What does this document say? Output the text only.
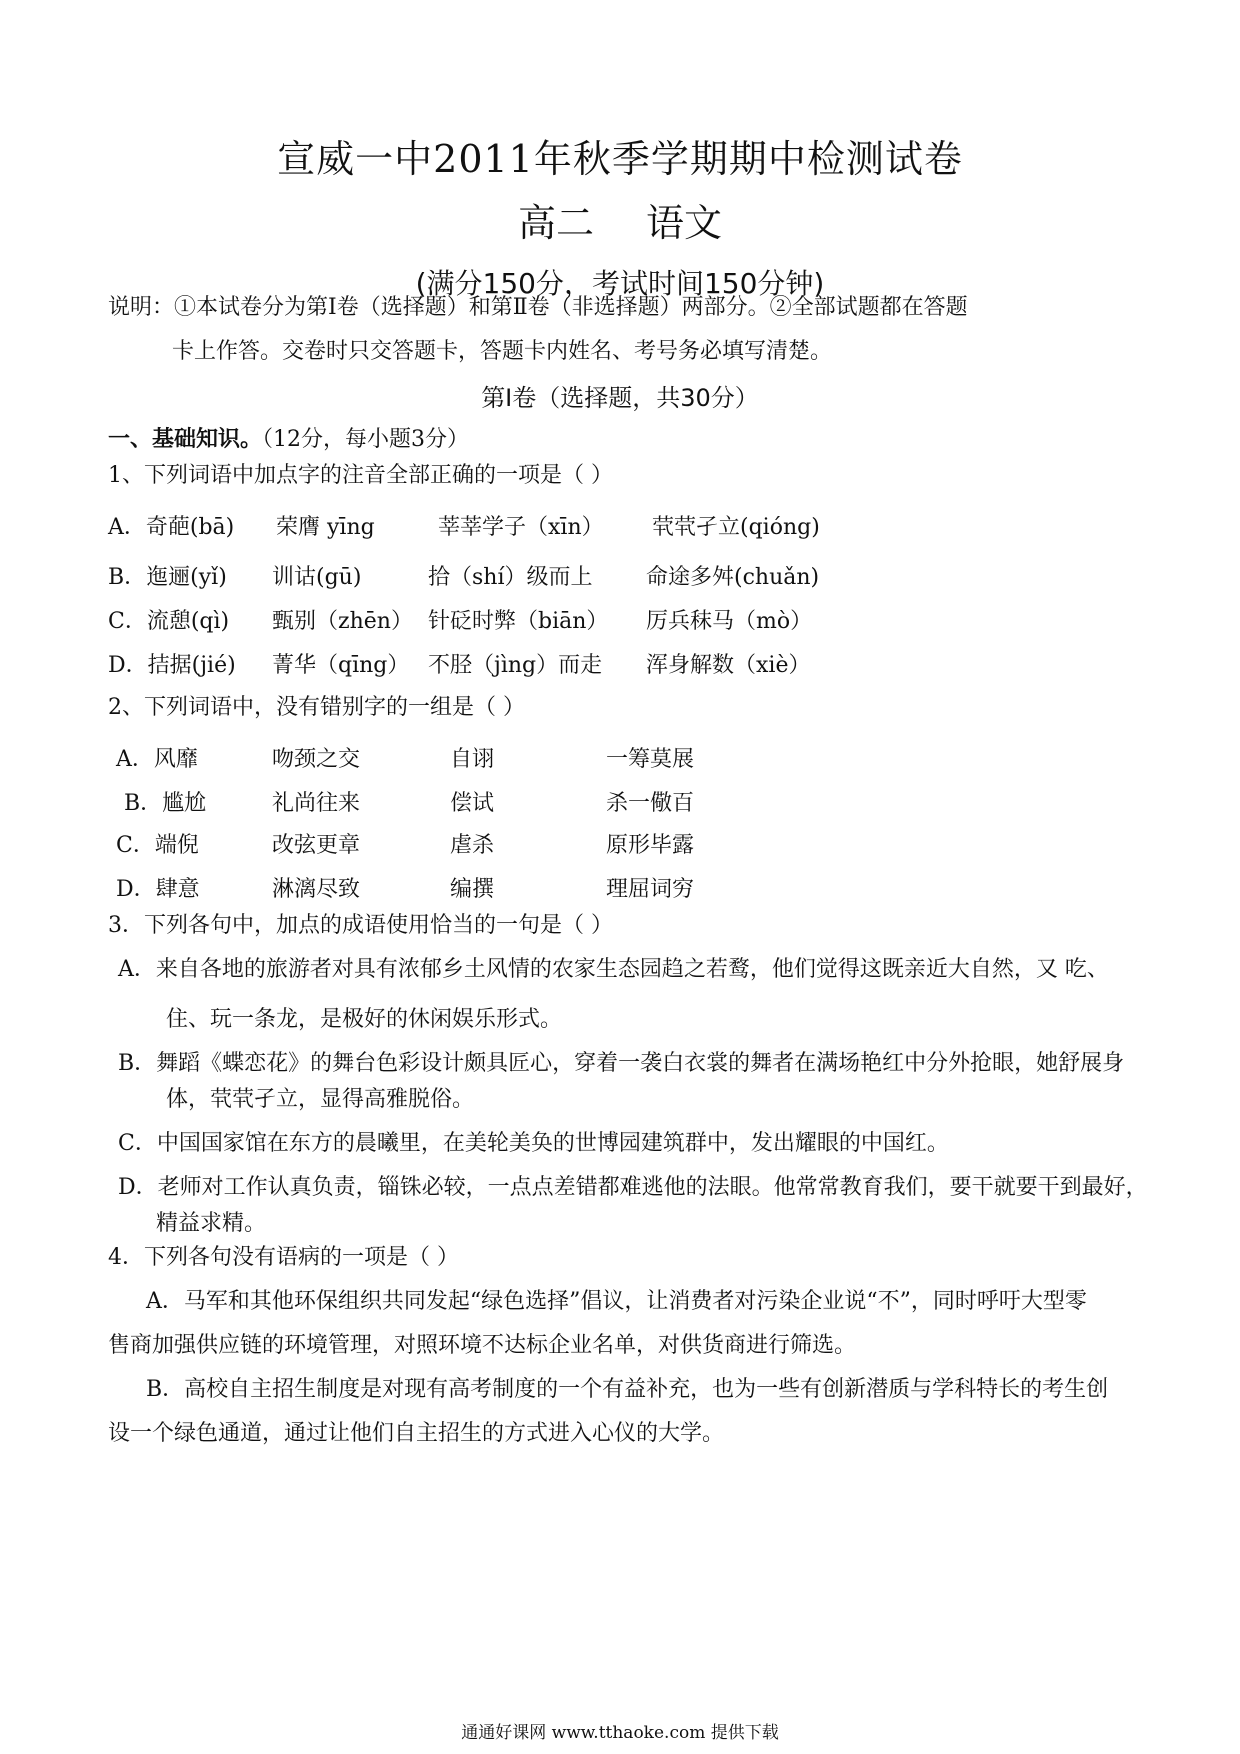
宣威一中2011年秋季学期期中检测试卷
高二 语文
(满分150分，考试时间150分钟)
说明：①本试卷分为第Ⅰ卷（选择题）和第Ⅱ卷（非选择题）两部分。②全部试题都在答题
卡上作答。交卷时只交答题卡，答题卡内姓名、考号务必填写清楚。
第Ⅰ卷（选择题，共30分）
一、基础知识。（12分，每小题3分）
1、下列词语中加点字的注音全部正确的一项是（ ）
A．奇葩(bā) 荣膺 yīng	莘莘学子（xīn） 茕茕孑立(qióng)
B．迤逦(yǐ) 训诂(gū)	拾（shí）级而上 命途多舛(chuǎn)
C．流憩(qì) 甄别（zhēn） 针砭时弊（biān） 厉兵秣马（mò）
D．拮据(jié) 菁华（qīng） 不胫（jìng）而走 浑身解数（xiè）
2、下列词语中，没有错别字的一组是（ ）
A．风靡	吻颈之交	自诩	一筹莫展
B．尴尬	礼尚往来	偿试	杀一儆百
C．端倪	改弦更章	虐杀	原形毕露
D．肆意	淋漓尽致	编撰	理屈词穷
3．下列各句中，加点的成语使用恰当的一句是（ ）
A．来自各地的旅游者对具有浓郁乡土风情的农家生态园趋之若鹜，他们觉得这既亲近大自然，又 吃、
住、玩一条龙，是极好的休闲娱乐形式。
B．舞蹈《蝶恋花》的舞台色彩设计颇具匠心，穿着一袭白衣裳的舞者在满场艳红中分外抢眼，她舒展身
体，茕茕孑立，显得高雅脱俗。
C．中国国家馆在东方的晨曦里，在美轮美奂的世博园建筑群中，发出耀眼的中国红。
D．老师对工作认真负责，锱铢必较，一点点差错都难逃他的法眼。他常常教育我们，要干就要干到最好，
精益求精。
4．下列各句没有语病的一项是（ ）
A．马军和其他环保组织共同发起“绿色选择”倡议，让消费者对污染企业说“不”，同时呼吁大型零
售商加强供应链的环境管理，对照环境不达标企业名单，对供货商进行筛选。
B．高校自主招生制度是对现有高考制度的一个有益补充，也为一些有创新潜质与学科特长的考生创
设一个绿色通道，通过让他们自主招生的方式进入心仪的大学。
通通好课网 www.tthaoke.com 提供下载
